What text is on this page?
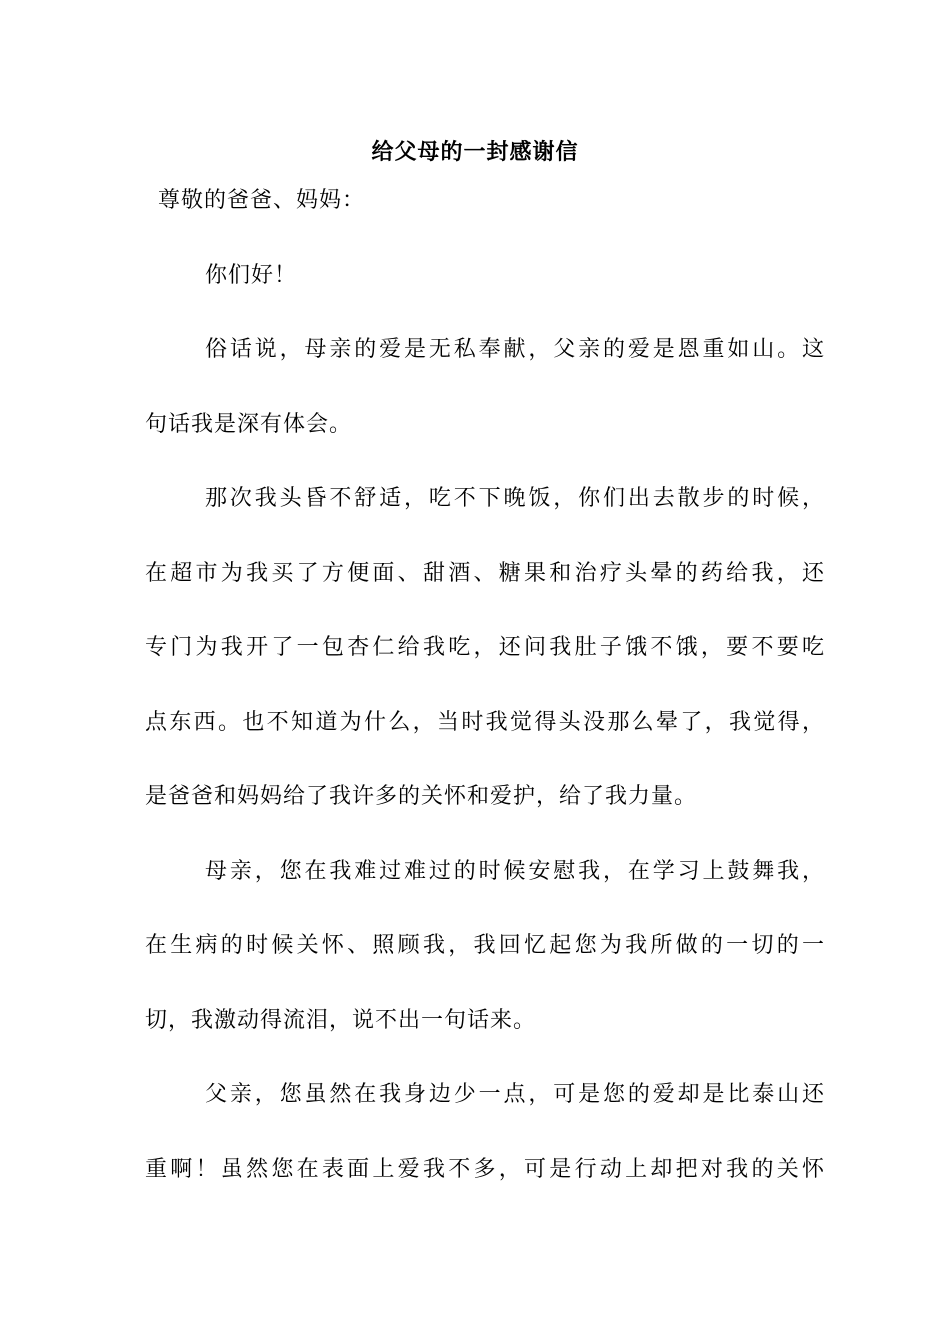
给父母的一封感谢信
尊敬的爸爸、妈妈：
你们好！
俗话说，母亲的爱是无私奉献，父亲的爱是恩重如山。这
句话我是深有体会。
那次我头昏不舒适，吃不下晚饭，你们出去散步的时候，
在超市为我买了方便面、甜酒、糖果和治疗头晕的药给我，还
专门为我开了一包杏仁给我吃，还问我肚子饿不饿，要不要吃
点东西。也不知道为什么，当时我觉得头没那么晕了，我觉得，
是爸爸和妈妈给了我许多的关怀和爱护，给了我力量。
母亲，您在我难过难过的时候安慰我，在学习上鼓舞我，
在生病的时候关怀、照顾我，我回忆起您为我所做的一切的一
切，我激动得流泪，说不出一句话来。
父亲，您虽然在我身边少一点，可是您的爱却是比泰山还
重啊！虽然您在表面上爱我不多，可是行动上却把对我的关怀
